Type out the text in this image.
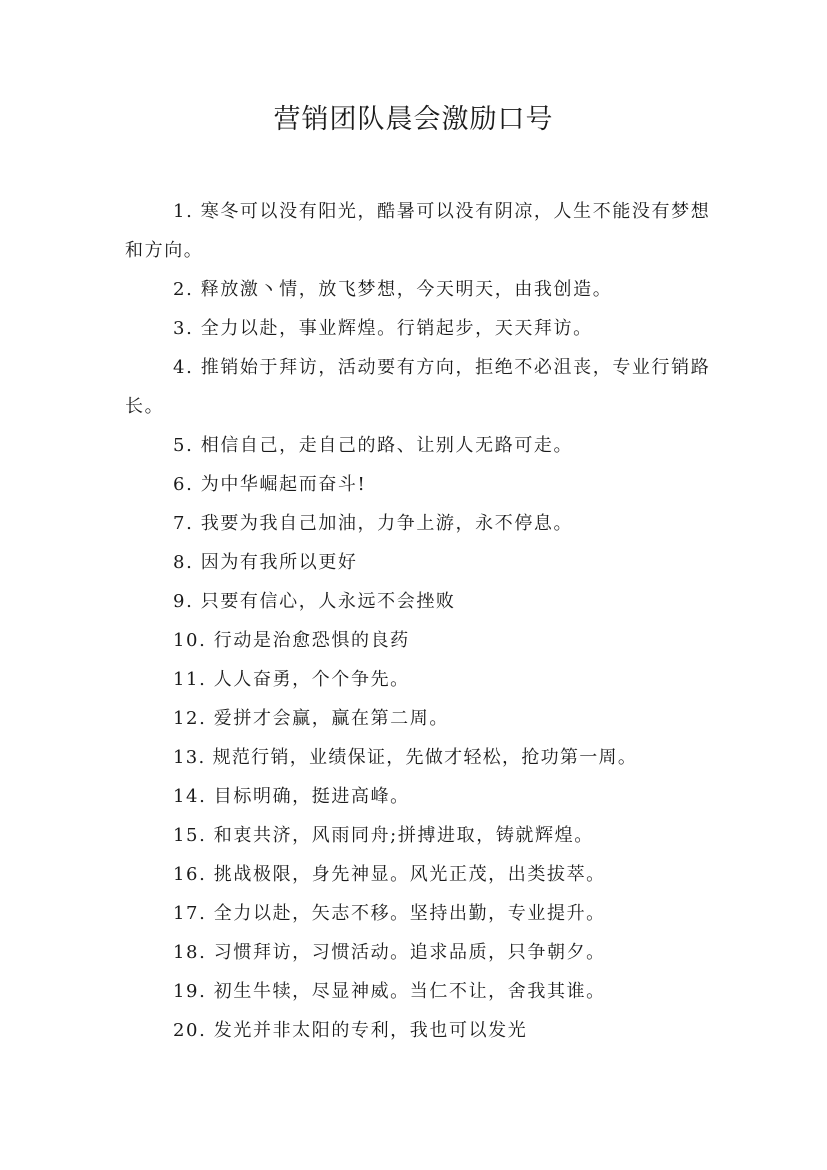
营销团队晨会激励口号
1 . 寒冬可以没有阳光，酷暑可以没有阴凉，人生不能没有梦想和方向。
2 . 释放激丶情，放飞梦想，今天明天，由我创造。
3 . 全力以赴，事业辉煌。行销起步，天天拜访。
4 . 推销始于拜访，活动要有方向，拒绝不必沮丧，专业行销路长。
5 . 相信自己，走自己的路、让别人无路可走。
6 . 为中华崛起而奋斗!
7 . 我要为我自己加油，力争上游，永不停息。
8 . 因为有我所以更好
9 . 只要有信心，人永远不会挫败
10 . 行动是治愈恐惧的良药
11 . 人人奋勇，个个争先。
12 . 爱拼才会赢，赢在第二周。
13 . 规范行销，业绩保证，先做才轻松，抢功第一周。
14 . 目标明确，挺进高峰。
15 . 和衷共济，风雨同舟;拼搏进取，铸就辉煌。
16 . 挑战极限，身先神显。风光正茂，出类拔萃。
17 . 全力以赴，矢志不移。坚持出勤，专业提升。
18 . 习惯拜访，习惯活动。追求品质，只争朝夕。
19 . 初生牛犊，尽显神威。当仁不让，舍我其谁。
20 . 发光并非太阳的专利，我也可以发光
